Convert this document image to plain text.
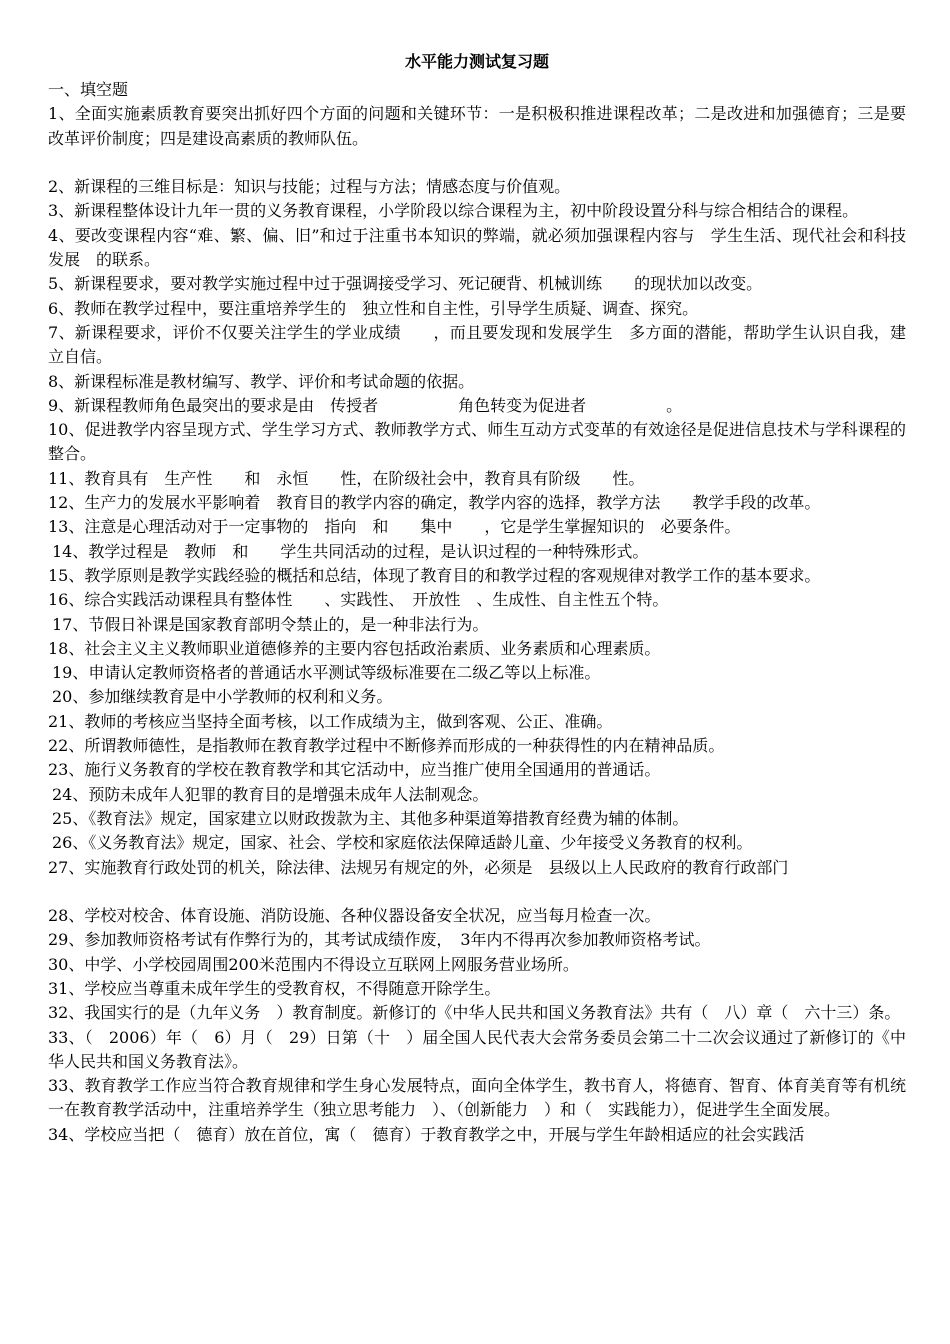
水平能力测试复习题
一、填空题
1、全面实施素质教育要突出抓好四个方面的问题和关键环节：一是积极积推进课程改革；二是改进和加强德育；三是要改革评价制度；四是建设高素质的教师队伍。
2、新课程的三维目标是：知识与技能；过程与方法；情感态度与价值观。
3、新课程整体设计九年一贯的义务教育课程，小学阶段以综合课程为主，初中阶段设置分科与综合相结合的课程。
4、要改变课程内容“难、繁、偏、旧”和过于注重书本知识的弊端，就必须加强课程内容与　学生生活、现代社会和科技发展　的联系。
5、新课程要求，要对教学实施过程中过于强调接受学习、死记硬背、机械训练　　的现状加以改变。
6、教师在教学过程中，要注重培养学生的　独立性和自主性，引导学生质疑、调查、探究。
7、新课程要求，评价不仅要关注学生的学业成绩　　，而且要发现和发展学生　多方面的潜能，帮助学生认识自我，建立自信。
8、新课程标准是教材编写、教学、评价和考试命题的依据。
9、新课程教师角色最突出的要求是由　传授者　　　　　角色转变为促进者　　　　　。
10、促进教学内容呈现方式、学生学习方式、教师教学方式、师生互动方式变革的有效途径是促进信息技术与学科课程的整合。
11、教育具有　生产性　　和　永恒　　性，在阶级社会中，教育具有阶级　　性。
12、生产力的发展水平影响着　教育目的教学内容的确定，教学内容的选择，教学方法　　教学手段的改革。
13、注意是心理活动对于一定事物的　指向　和　　集中　　，它是学生掌握知识的　必要条件。
14、教学过程是　教师　和　　学生共同活动的过程，是认识过程的一种特殊形式。
15、教学原则是教学实践经验的概括和总结，体现了教育目的和教学过程的客观规律对教学工作的基本要求。
16、综合实践活动课程具有整体性　　、实践性、　开放性　、生成性、自主性五个特。
17、节假日补课是国家教育部明令禁止的，是一种非法行为。
18、社会主义主义教师职业道德修养的主要内容包括政治素质、业务素质和心理素质。
19、申请认定教师资格者的普通话水平测试等级标准要在二级乙等以上标准。
20、参加继续教育是中小学教师的权利和义务。
21、教师的考核应当坚持全面考核，以工作成绩为主，做到客观、公正、准确。
22、所谓教师德性，是指教师在教育教学过程中不断修养而形成的一种获得性的内在精神品质。
23、施行义务教育的学校在教育教学和其它活动中，应当推广使用全国通用的普通话。
24、预防未成年人犯罪的教育目的是增强未成年人法制观念。
25、《教育法》规定，国家建立以财政拨款为主、其他多种渠道筹措教育经费为辅的体制。
26、《义务教育法》规定，国家、社会、学校和家庭依法保障适龄儿童、少年接受义务教育的权利。
27、实施教育行政处罚的机关，除法律、法规另有规定的外，必须是　县级以上人民政府的教育行政部门
28、学校对校舍、体育设施、消防设施、各种仪器设备安全状况，应当每月检查一次。
29、参加教师资格考试有作弊行为的，其考试成绩作废，　3年内不得再次参加教师资格考试。
30、中学、小学校园周围200米范围内不得设立互联网上网服务营业场所。
31、学校应当尊重未成年学生的受教育权，不得随意开除学生。
32、我国实行的是（九年义务　）教育制度。新修订的《中华人民共和国义务教育法》共有（　八）章（　六十三）条。
33、（　2006）年（　6）月（　29）日第（十　）届全国人民代表大会常务委员会第二十二次会议通过了新修订的《中华人民共和国义务教育法》。
33、教育教学工作应当符合教育规律和学生身心发展特点，面向全体学生，教书育人，将德育、智育、体育美育等有机统一在教育教学活动中，注重培养学生（独立思考能力　）、（创新能力　）和（　实践能力），促进学生全面发展。
34、学校应当把（　德育）放在首位，寓（　德育）于教育教学之中，开展与学生年龄相适应的社会实践活
